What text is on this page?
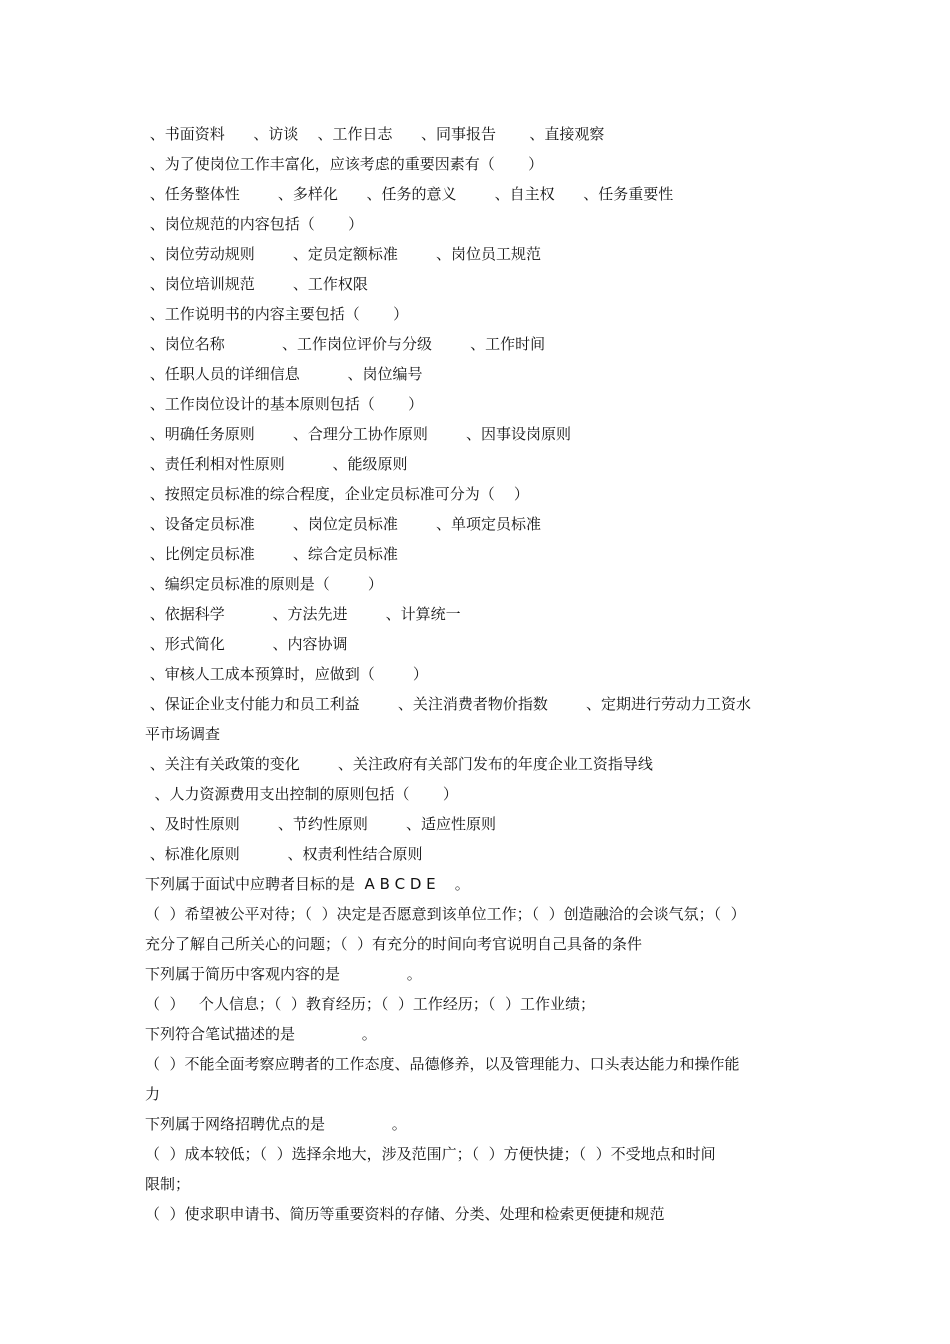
、书面资料      、访谈    、工作日志      、同事报告       、直接观察
、为了使岗位工作丰富化，应该考虑的重要因素有（       ）
、任务整体性        、多样化      、任务的意义        、自主权      、任务重要性
、岗位规范的内容包括（       ）
、岗位劳动规则        、定员定额标准        、岗位员工规范
、岗位培训规范        、工作权限
、工作说明书的内容主要包括（       ）
、岗位名称            、工作岗位评价与分级        、工作时间
、任职人员的详细信息          、岗位编号
、工作岗位设计的基本原则包括（       ）
、明确任务原则        、合理分工协作原则        、因事设岗原则
、责任利相对性原则          、能级原则
、按照定员标准的综合程度，企业定员标准可分为（    ）
、设备定员标准        、岗位定员标准        、单项定员标准
、比例定员标准        、综合定员标准
、编织定员标准的原则是（        ）
、依据科学          、方法先进        、计算统一
、形式简化          、内容协调
、审核人工成本预算时，应做到（        ）
、保证企业支付能力和员工利益        、关注消费者物价指数        、定期进行劳动力工资水
平市场调查
、关注有关政策的变化        、关注政府有关部门发布的年度企业工资指导线
、人力资源费用支出控制的原则包括（       ）
、及时性原则        、节约性原则        、适应性原则
、标准化原则          、权责利性结合原则
下列属于面试中应聘者目标的是  A B C D E    。
（  ）希望被公平对待；（  ）决定是否愿意到该单位工作；（  ）创造融洽的会谈气氛；（  ）
充分了解自己所关心的问题；（  ）有充分的时间向考官说明自己具备的条件
下列属于简历中客观内容的是              。
（  ）   个人信息；（  ）教育经历；（  ）工作经历；（  ）工作业绩；
下列符合笔试描述的是              。
（  ）不能全面考察应聘者的工作态度、品德修养，以及管理能力、口头表达能力和操作能
力
下列属于网络招聘优点的是              。
（  ）成本较低；（  ）选择余地大，涉及范围广；（  ）方便快捷；（  ）不受地点和时间
限制；
（  ）使求职申请书、简历等重要资料的存储、分类、处理和检索更便捷和规范
